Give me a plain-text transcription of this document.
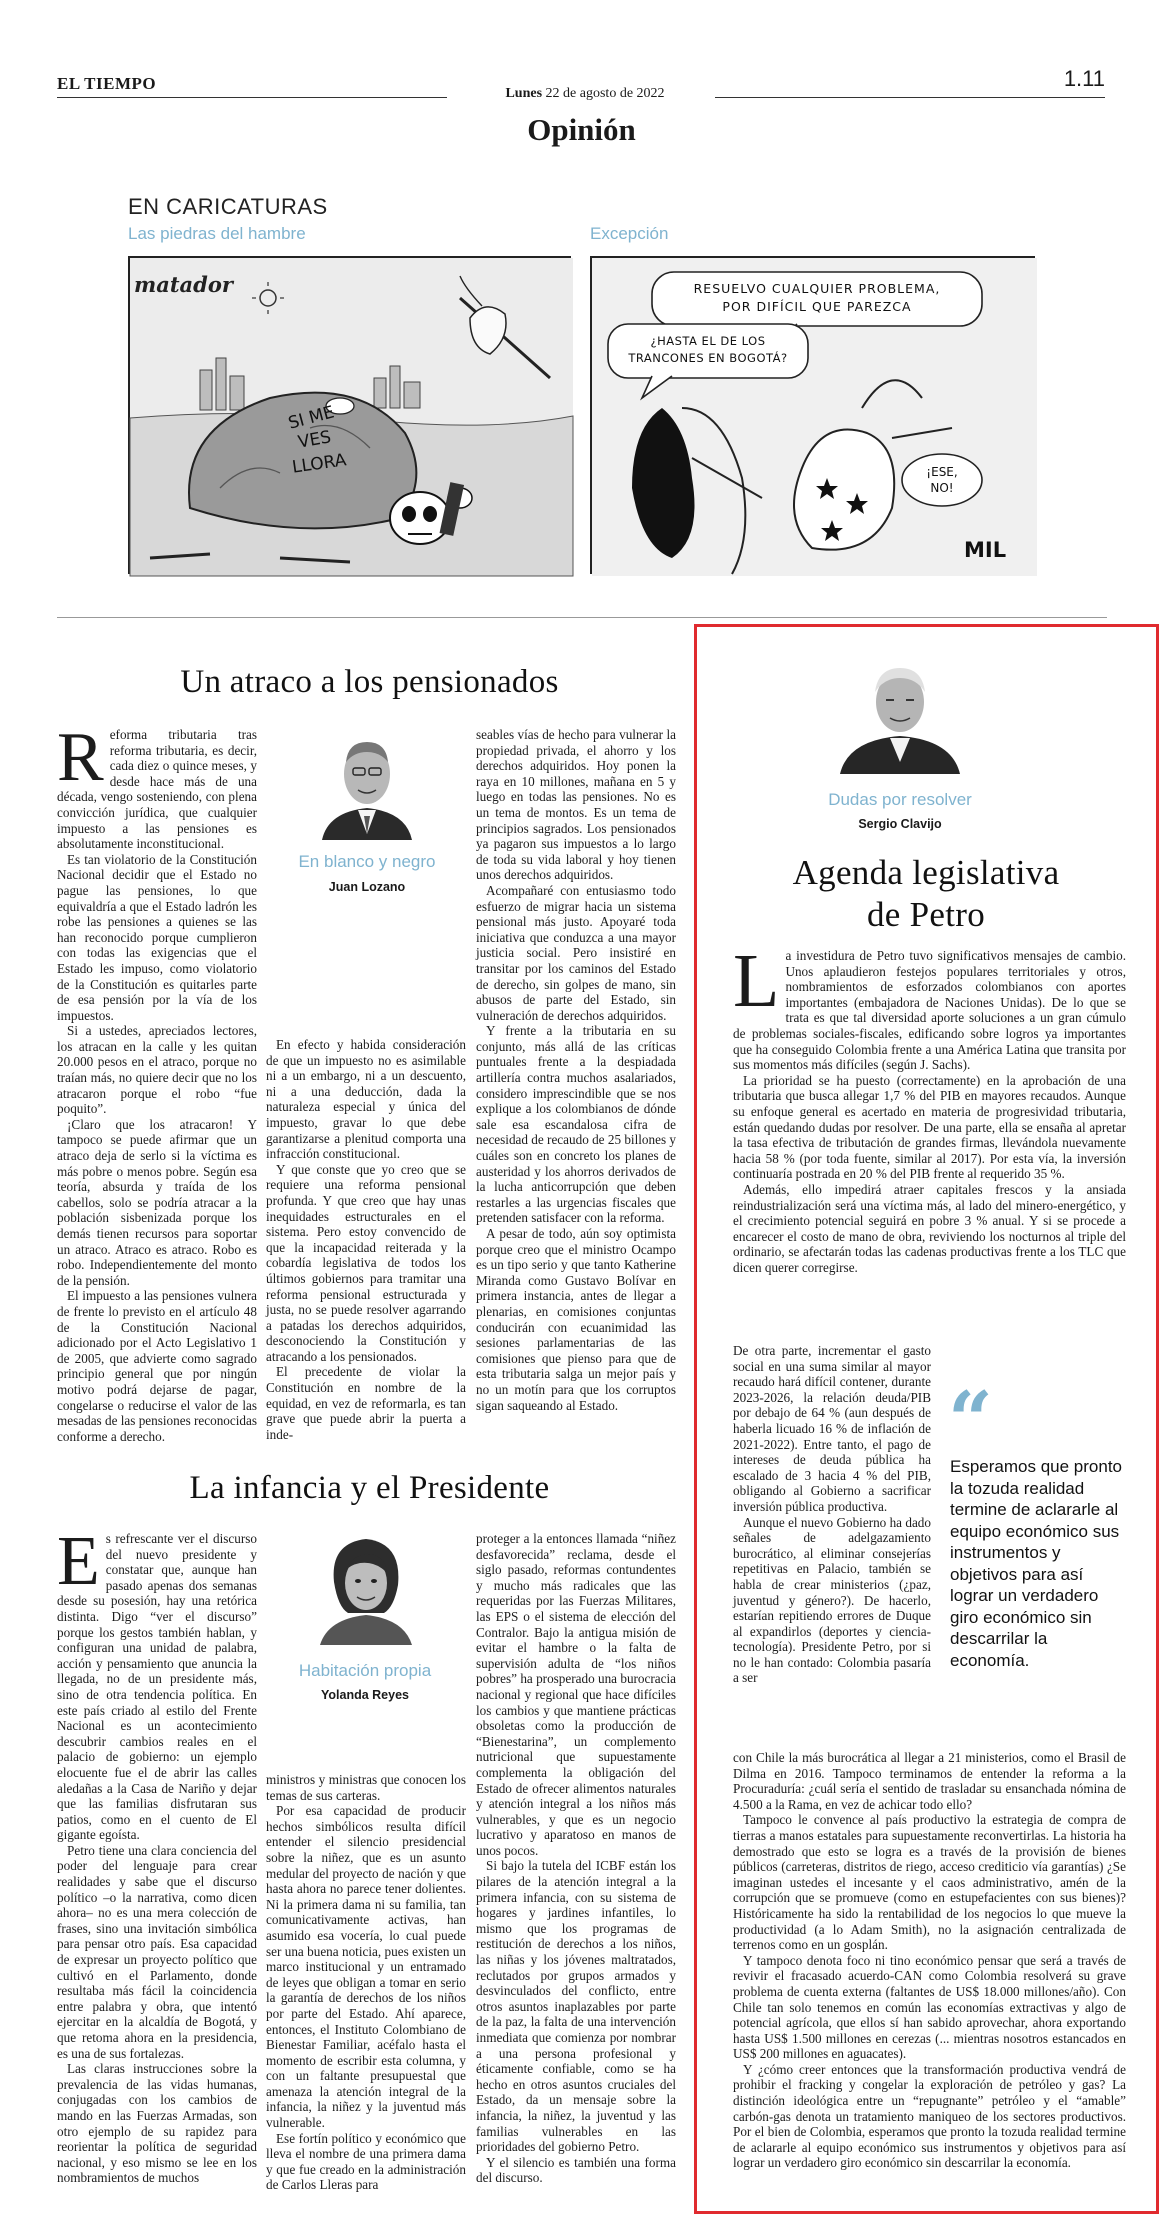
EL TIEMPO
Lunes 22 de agosto de 2022
1.11
Opinión
EN CARICATURAS
Las piedras del hambre	Excepción
matador
SI ME
VES
LLORA
RESUELVO CUALQUIER PROBLEMA,
POR DIFÍCIL QUE PAREZCA
¿HASTA EL DE LOS
TRANCONES EN BOGOTÁ?
¡ESE,
NO!
MIL
Un atraco a los pensionados

Reforma tributaria tras reforma tributaria, es decir, cada diez o quince meses, y desde hace más de una década, vengo sosteniendo, con plena convicción jurídica, que cualquier impuesto a las pensiones es absolutamente inconstitucional.

Es tan violatorio de la Constitución Nacional decidir que el Estado no pague las pensiones, lo que equivaldría a que el Estado ladrón les robe las pensiones a quienes se las han reconocido porque cumplieron con todas las exigencias que el Estado les impuso, como violatorio de la Constitución es quitarles parte de esa pensión por la vía de los impuestos.

Si a ustedes, apreciados lectores, los atracan en la calle y les quitan 20.000 pesos en el atraco, porque no traían más, no quiere decir que no los atracaron porque el robo “fue poquito”.

¡Claro que los atracaron! Y tampoco se puede afirmar que un atraco deja de serlo si la víctima es más pobre o menos pobre. Según esa teoría, absurda y traída de los cabellos, solo se podría atracar a la población sisbenizada porque los demás tienen recursos para soportar un atraco. Atraco es atraco. Robo es robo. Independientemente del monto de la pensión.

El impuesto a las pensiones vulnera de frente lo previsto en el artículo 48 de la Constitución Nacional adicionado por el Acto Legislativo 1 de 2005, que advierte como sagrado principio general que por ningún motivo podrá dejarse de pagar, congelarse o reducirse el valor de las mesadas de las pensiones reconocidas conforme a derecho.

En blanco y negro
Juan Lozano

En efecto y habida consideración de que un impuesto no es asimilable ni a un embargo, ni a un descuento, ni a una deducción, dada la naturaleza especial y única del impuesto, gravar lo que debe garantizarse a plenitud comporta una infracción constitucional.

Y que conste que yo creo que se requiere una reforma pensional profunda. Y que creo que hay unas inequidades estructurales en el sistema. Pero estoy convencido de que la incapacidad reiterada y la cobardía legislativa de todos los últimos gobiernos para tramitar una reforma pensional estructurada y justa, no se puede resolver agarrando a patadas los derechos adquiridos, desconociendo la Constitución y atracando a los pensionados.

El precedente de violar la Constitución en nombre de la equidad, en vez de reformarla, es tan grave que puede abrir la puerta a inde-

seables vías de hecho para vulnerar la propiedad privada, el ahorro y los derechos adquiridos. Hoy ponen la raya en 10 millones, mañana en 5 y luego en todas las pensiones. No es un tema de montos. Es un tema de principios sagrados. Los pensionados ya pagaron sus impuestos a lo largo de toda su vida laboral y hoy tienen unos derechos adquiridos.

Acompañaré con entusiasmo todo esfuerzo de migrar hacia un sistema pensional más justo. Apoyaré toda iniciativa que conduzca a una mayor justicia social. Pero insistiré en transitar por los caminos del Estado de derecho, sin golpes de mano, sin abusos de parte del Estado, sin vulneración de derechos adquiridos.

Y frente a la tributaria en su conjunto, más allá de las críticas puntuales frente a la despiadada artillería contra muchos asalariados, considero imprescindible que se nos explique a los colombianos de dónde sale esa escandalosa cifra de necesidad de recaudo de 25 billones y cuáles son en concreto los planes de austeridad y los ahorros derivados de la lucha anticorrupción que deben restarles a las urgencias fiscales que pretenden satisfacer con la reforma.

A pesar de todo, aún soy optimista porque creo que el ministro Ocampo es un tipo serio y que tanto Katherine Miranda como Gustavo Bolívar en primera instancia, antes de llegar a plenarias, en comisiones conjuntas conducirán con ecuanimidad las sesiones parlamentarias de las comisiones que pienso para que de esta tributaria salga un mejor país y no un motín para que los corruptos sigan saqueando al Estado.

La infancia y el Presidente

Es refrescante ver el discurso del nuevo presidente y constatar que, aunque han pasado apenas dos semanas desde su posesión, hay una retórica distinta. Digo “ver el discurso” porque los gestos también hablan, y configuran una unidad de palabra, acción y pensamiento que anuncia la llegada, no de un presidente más, sino de otra tendencia política. En este país criado al estilo del Frente Nacional es un acontecimiento descubrir cambios reales en el palacio de gobierno: un ejemplo elocuente fue el de abrir las calles aledañas a la Casa de Nariño y dejar que las familias disfrutaran sus patios, como en el cuento de El gigante egoísta.

Petro tiene una clara conciencia del poder del lenguaje para crear realidades y sabe que el discurso político –o la narrativa, como dicen ahora– no es una mera colección de frases, sino una invitación simbólica para pensar otro país. Esa capacidad de expresar un proyecto político que cultivó en el Parlamento, donde resultaba más fácil la coincidencia entre palabra y obra, que intentó ejercitar en la alcaldía de Bogotá, y que retoma ahora en la presidencia, es una de sus fortalezas.

Las claras instrucciones sobre la prevalencia de las vidas humanas, conjugadas con los cambios de mando en las Fuerzas Armadas, son otro ejemplo de su rapidez para reorientar la política de seguridad nacional, y eso mismo se lee en los nombramientos de muchos

Habitación propia
Yolanda Reyes

ministros y ministras que conocen los temas de sus carteras.

Por esa capacidad de producir hechos simbólicos resulta difícil entender el silencio presidencial sobre la niñez, que es un asunto medular del proyecto de nación y que hasta ahora no parece tener dolientes. Ni la primera dama ni su familia, tan comunicativamente activas, han asumido esa vocería, lo cual puede ser una buena noticia, pues existen un marco institucional y un entramado de leyes que obligan a tomar en serio la garantía de derechos de los niños por parte del Estado. Ahí aparece, entonces, el Instituto Colombiano de Bienestar Familiar, acéfalo hasta el momento de escribir esta columna, y con un faltante presupuestal que amenaza la atención integral de la infancia, la niñez y la juventud más vulnerable.

Ese fortín político y económico que lleva el nombre de una primera dama y que fue creado en la administración de Carlos Lleras para

proteger a la entonces llamada “niñez desfavorecida” reclama, desde el siglo pasado, reformas contundentes y mucho más radicales que las requeridas por las Fuerzas Militares, las EPS o el sistema de elección del Contralor. Bajo la antigua misión de evitar el hambre o la falta de supervisión adulta de “los niños pobres” ha prosperado una burocracia nacional y regional que hace difíciles los cambios y que mantiene prácticas obsoletas como la producción de “Bienestarina”, un complemento nutricional que supuestamente complementa la obligación del Estado de ofrecer alimentos naturales y atención integral a los niños más vulnerables, y que es un negocio lucrativo y aparatoso en manos de unos pocos.

Si bajo la tutela del ICBF están los pilares de la atención integral a la primera infancia, con su sistema de hogares y jardines infantiles, lo mismo que los programas de restitución de derechos a los niños, las niñas y los jóvenes maltratados, reclutados por grupos armados y desvinculados del conflicto, entre otros asuntos inaplazables por parte de la paz, la falta de una intervención inmediata que comienza por nombrar a una persona profesional y éticamente confiable, como se ha hecho en otros asuntos cruciales del Estado, da un mensaje sobre la infancia, la niñez, la juventud y las familias vulnerables en las prioridades del gobierno Petro.

Y el silencio es también una forma del discurso.

Dudas por resolver
Sergio Clavijo
Agenda legislativa
de Petro

La investidura de Petro tuvo significativos mensajes de cambio. Unos aplaudieron festejos populares territoriales y otros, nombramientos de esforzados colombianos con aportes importantes (embajadora de Naciones Unidas). De lo que se trata es que tal diversidad aporte soluciones a un gran cúmulo de problemas sociales-fiscales, edificando sobre logros ya importantes que ha conseguido Colombia frente a una América Latina que transita por sus momentos más difíciles (según J. Sachs).

La prioridad se ha puesto (correctamente) en la aprobación de una tributaria que busca allegar 1,7 % del PIB en mayores recaudos. Aunque su enfoque general es acertado en materia de progresividad tributaria, están quedando dudas por resolver. De una parte, ella se ensaña al apretar la tasa efectiva de tributación de grandes firmas, llevándola nuevamente hacia 58 % (por toda fuente, similar al 2017). Por esta vía, la inversión continuaría postrada en 20 % del PIB frente al requerido 35 %.

Además, ello impedirá atraer capitales frescos y la ansiada reindustrialización será una víctima más, al lado del minero-energético, y el crecimiento potencial seguirá en pobre 3 % anual. Y si se procede a encarecer el costo de mano de obra, reviviendo los nocturnos al triple del ordinario, se afectarán todas las cadenas productivas frente a los TLC que dicen querer corregirse.

De otra parte, incrementar el gasto social en una suma similar al mayor recaudo hará difícil contener, durante 2023-2026, la relación deuda/PIB por debajo de 64 % (aun después de haberla licuado 16 % de inflación de 2021-2022). Entre tanto, el pago de intereses de deuda pública ha escalado de 3 hacia 4 % del PIB, obligando al Gobierno a sacrificar inversión pública productiva.

Aunque el nuevo Gobierno ha dado señales de adelgazamiento burocrático, al eliminar consejerías repetitivas en Palacio, también se habla de crear ministerios (¿paz, juventud y género?). De hacerlo, estarían repitiendo errores de Duque al expandirlos (deportes y ciencia-tecnología). Presidente Petro, por si no le han contado: Colombia pasaría a ser

“
Esperamos que pronto la tozuda realidad termine de aclararle al equipo económico sus instrumentos y objetivos para así lograr un verdadero giro económico sin descarrilar la economía.

con Chile la más burocrática al llegar a 21 ministerios, como el Brasil de Dilma en 2016. Tampoco terminamos de entender la reforma a la Procuraduría: ¿cuál sería el sentido de trasladar su ensanchada nómina de 4.500 a la Rama, en vez de achicar todo ello?

Tampoco le convence al país productivo la estrategia de compra de tierras a manos estatales para supuestamente reconvertirlas. La historia ha demostrado que esto se logra es a través de la provisión de bienes públicos (carreteras, distritos de riego, acceso crediticio vía garantías) ¿Se imaginan ustedes el incesante y el caos administrativo, amén de la corrupción que se promueve (como en estupefacientes con sus bienes)? Históricamente ha sido la rentabilidad de los negocios lo que mueve la productividad (a lo Adam Smith), no la asignación centralizada de terrenos como en un gosplán.

Y tampoco denota foco ni tino económico pensar que será a través de revivir el fracasado acuerdo-CAN como Colombia resolverá su grave problema de cuenta externa (faltantes de US$ 18.000 millones/año). Con Chile tan solo tenemos en común las economías extractivas y algo de potencial agrícola, que ellos sí han sabido aprovechar, ahora exportando hasta US$ 1.500 millones en cerezas (... mientras nosotros estancados en US$ 200 millones en aguacates).

Y ¿cómo creer entonces que la transformación productiva vendrá de prohibir el fracking y congelar la exploración de petróleo y gas? La distinción ideológica entre un “repugnante” petróleo y el “amable” carbón-gas denota un tratamiento maniqueo de los sectores productivos. Por el bien de Colombia, esperamos que pronto la tozuda realidad termine de aclararle al equipo económico sus instrumentos y objetivos para así lograr un verdadero giro económico sin descarrilar la economía.
